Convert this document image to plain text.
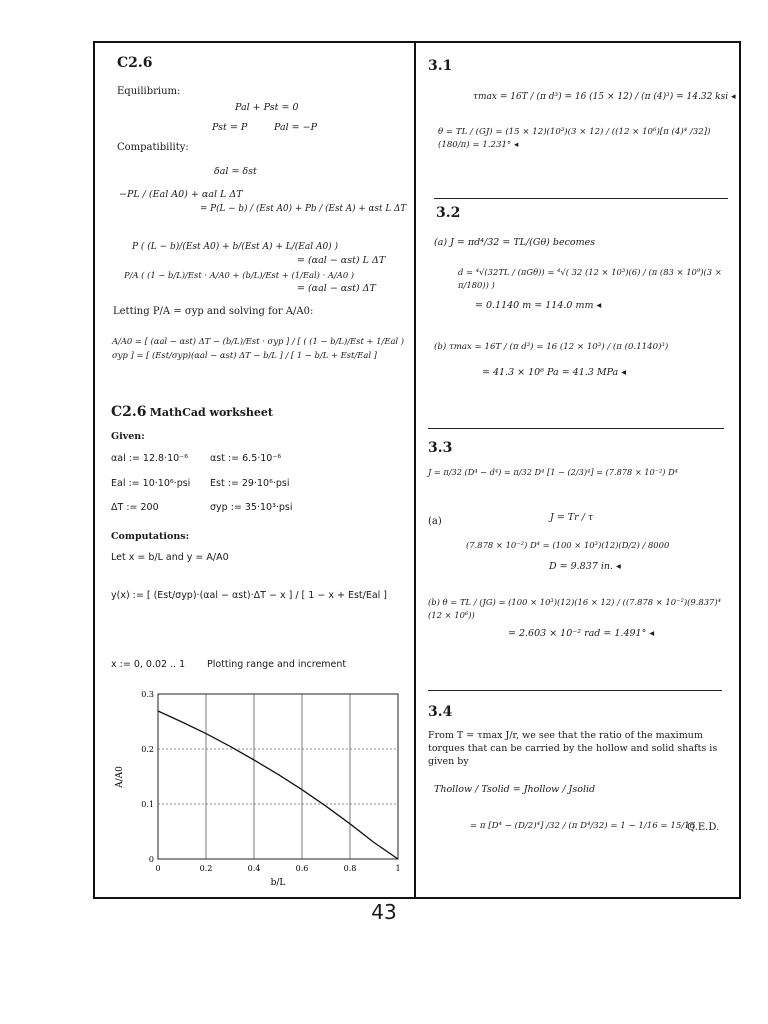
C2.6
Equilibrium:
Pal + Pst = 0
Pst = P	Pal = −P
Compatibility:
δal = δst
−PL / (Eal A0) + αal L ΔT
= P(L − b) / (Est A0) + Pb / (Est A) + αst L ΔT
P ( (L − b)/(Est A0) + b/(Est A) + L/(Eal A0) )
= (αal − αst) L ΔT
P/A ( (1 − b/L)/Est · A/A0 + (b/L)/Est + (1/Eal) · A/A0 )
= (αal − αst) ΔT
Letting P/A = σyp and solving for A/A0:
A/A0 = [ (αal − αst) ΔT − (b/L)/Est · σyp ] / [ ( (1 − b/L)/Est + 1/Eal ) σyp ] = [ (Est/σyp)(αal − αst) ΔT − b/L ] / [ 1 − b/L + Est/Eal ]
C2.6 MathCad worksheet
Given:
αal := 12.8·10⁻⁶ αst := 6.5·10⁻⁶
Eal := 10·10⁶·psi Est := 29·10⁶·psi
ΔT := 200	σyp := 35·10³·psi
Computations:
Let x = b/L and y = A/A0
y(x) := [ (Est/σyp)·(αal − αst)·ΔT − x ] / [ 1 − x + Est/Eal ]
x := 0, 0.02 .. 1 Plotting range and increment
0	0.2	0.4	0.6	0.8	1
0
0.1
0.2
0.3
b/L
A/A0
3.1
τmax = 16T / (π d³) = 16 (15 × 12) / (π (4)³) = 14.32 ksi ◂
θ = TL / (GJ) = (15 × 12)(10³)(3 × 12) / ((12 × 10⁶)[π (4)⁴ /32]) (180/π) = 1.231° ◂
3.2
(a) J = πd⁴/32 = TL/(Gθ) becomes
d = ⁴√(32TL / (πGθ)) = ⁴√( 32 (12 × 10³)(6) / (π (83 × 10⁹)(3 × π/180)) )
= 0.1140 m = 114.0 mm ◂
(b) τmax = 16T / (π d³) = 16 (12 × 10³) / (π (0.1140)³)
= 41.3 × 10⁶ Pa = 41.3 MPa ◂
3.3
J = π/32 (D⁴ − d⁴) = π/32 D⁴ [1 − (2/3)⁴] = (7.878 × 10⁻²) D⁴
(a)	J = Tr / τ
(7.878 × 10⁻²) D⁴ = (100 × 10³)(12)(D/2) / 8000
D = 9.837 in. ◂
(b) θ = TL / (JG) = (100 × 10³)(12)(16 × 12) / ((7.878 × 10⁻²)(9.837)⁴ (12 × 10⁶))
= 2.603 × 10⁻² rad = 1.491° ◂
3.4
From T = τmax J/r, we see that the ratio of the maximum torques that can be carried by the hollow and solid shafts is given by
Thollow / Tsolid = Jhollow / Jsolid
= π [D⁴ − (D/2)⁴] /32 / (π D⁴/32) = 1 − 1/16 = 15/16
Q.E.D.
43
